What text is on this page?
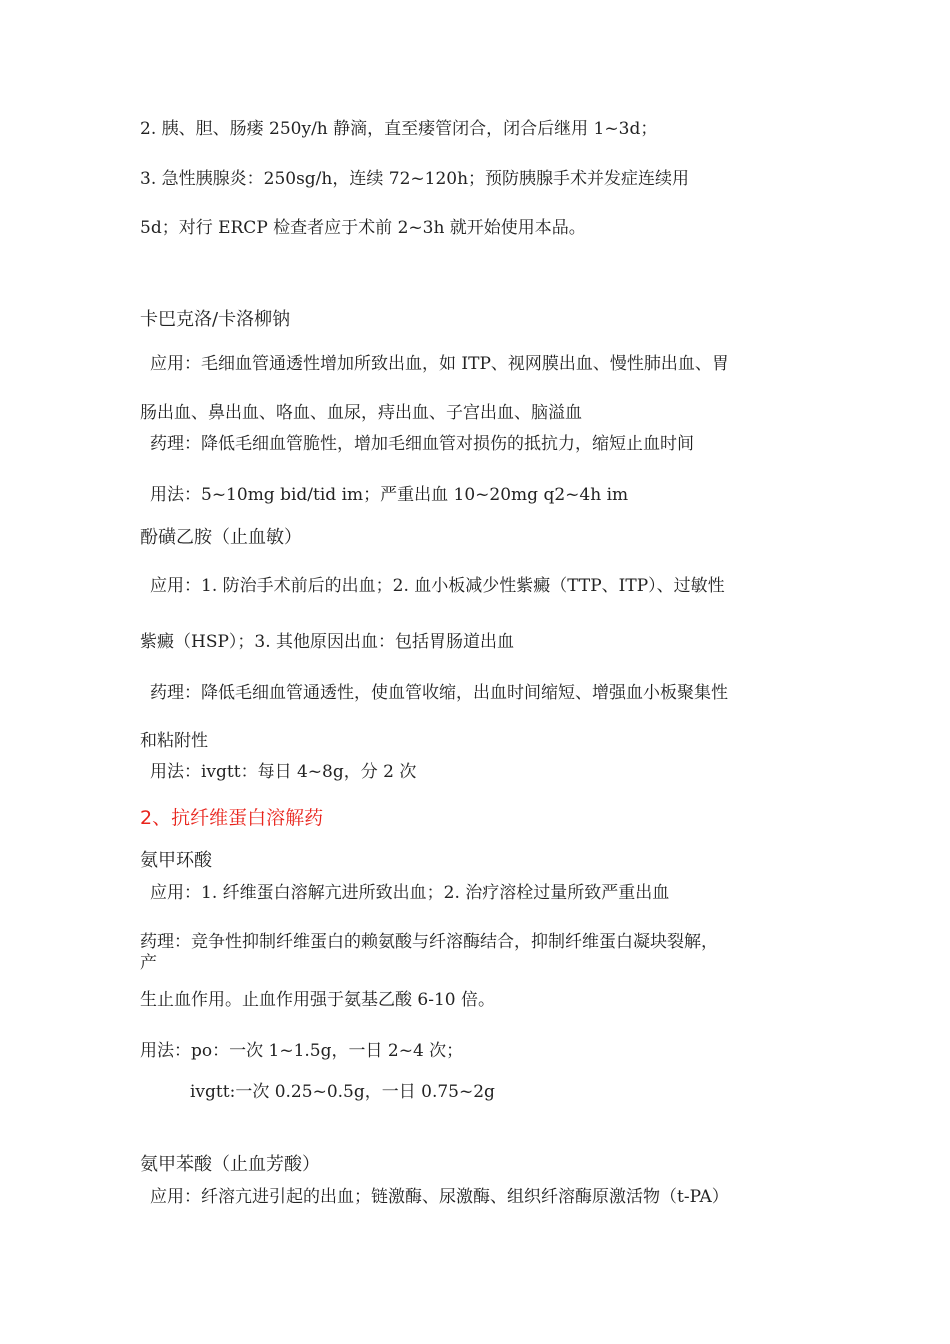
2. 胰、胆、肠瘘 250y/h 静滴，直至瘘管闭合，闭合后继用 1~3d；
3. 急性胰腺炎：250sg/h，连续 72~120h；预防胰腺手术并发症连续用
5d；对行 ERCP 检查者应于术前 2~3h 就开始使用本品。
卡巴克洛/卡洛柳钠
应用：毛细血管通透性增加所致出血，如 ITP、视网膜出血、慢性肺出血、胃
肠出血、鼻出血、咯血、血尿，痔出血、子宫出血、脑溢血
药理：降低毛细血管脆性，增加毛细血管对损伤的抵抗力，缩短止血时间
用法：5~10mg bid/tid im；严重出血 10~20mg q2~4h im
酚磺乙胺（止血敏）
应用：1. 防治手术前后的出血；2. 血小板减少性紫癜（TTP、ITP）、过敏性
紫癜（HSP）；3. 其他原因出血：包括胃肠道出血
药理：降低毛细血管通透性，使血管收缩，出血时间缩短、增强血小板聚集性
和粘附性
用法：ivgtt：每日 4~8g，分 2 次
2、抗纤维蛋白溶解药
氨甲环酸
应用：1. 纤维蛋白溶解亢进所致出血；2. 治疗溶栓过量所致严重出血
药理：竞争性抑制纤维蛋白的赖氨酸与纤溶酶结合，抑制纤维蛋白凝块裂解，
产
生止血作用。止血作用强于氨基乙酸 6-10 倍。
用法：po：一次 1~1.5g，一日 2~4 次；
ivgtt:一次 0.25~0.5g，一日 0.75~2g
氨甲苯酸（止血芳酸）
应用：纤溶亢进引起的出血；链激酶、尿激酶、组织纤溶酶原激活物（t-PA）
